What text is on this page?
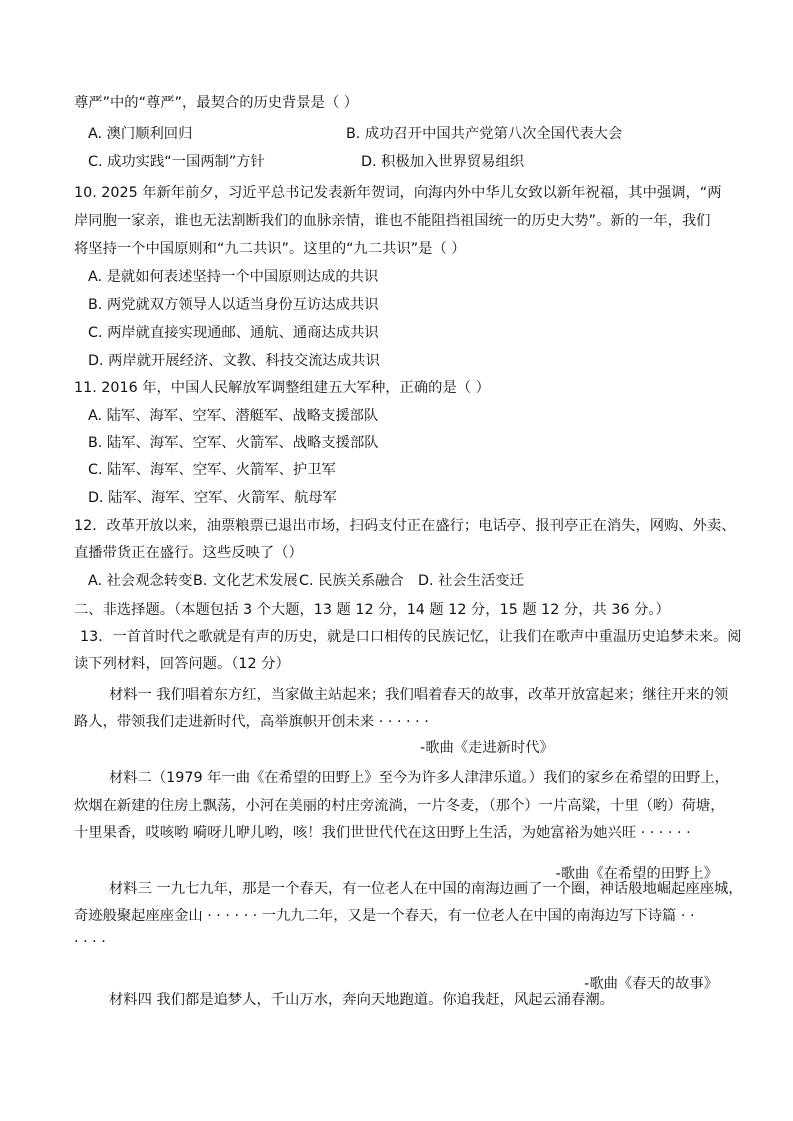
尊严”中的“尊严”，最契合的历史背景是（ ）

A. 澳门顺利回归	B. 成功召开中国共产党第八次全国代表大会
C. 成功实践“一国两制”方针	D. 积极加入世界贸易组织

10. 2025 年新年前夕，习近平总书记发表新年贺词，向海内外中华儿女致以新年祝福，其中强调，“两

岸同胞一家亲，谁也无法割断我们的血脉亲情，谁也不能阻挡祖国统一的历史大势”。新的一年，我们

将坚持一个中国原则和“九二共识”。这里的“九二共识”是（ ）

A. 是就如何表述坚持一个中国原则达成的共识
B. 两党就双方领导人以适当身份互访达成共识
C. 两岸就直接实现通邮、通航、通商达成共识
D. 两岸就开展经济、文教、科技交流达成共识

11. 2016 年，中国人民解放军调整组建五大军种，正确的是（ ）

A. 陆军、海军、空军、潜艇军、战略支援部队
B. 陆军、海军、空军、火箭军、战略支援部队
C. 陆军、海军、空军、火箭军、护卫军
D. 陆军、海军、空军、火箭军、航母军

12．改革开放以来，油票粮票已退出市场，扫码支付正在盛行；电话亭、报刊亭正在消失，网购、外卖、

直播带货正在盛行。这些反映了（）

A. 社会观念转变 B. 文化艺术发展 C. 民族关系融合 D. 社会生活变迁

二、非选择题。（本题包括 3 个大题，13 题 12 分，14 题 12 分，15 题 12 分，共 36 分。）

13．一首首时代之歌就是有声的历史，就是口口相传的民族记忆，让我们在歌声中重温历史追梦未来。阅

读下列材料，回答问题。（12 分）

材料一 我们唱着东方红，当家做主站起来；我们唱着春天的故事，改革开放富起来；继往开来的领

路人，带领我们走进新时代，高举旗帜开创未来 · · · · · ·

-歌曲《走进新时代》

材料二（1979 年一曲《在希望的田野上》至今为许多人津津乐道。）我们的家乡在希望的田野上，

炊烟在新建的住房上飘荡，小河在美丽的村庄旁流淌，一片冬麦，（那个）一片高粱，十里（哟）荷塘，

十里果香，哎咳哟 嗬呀儿咿儿哟，咳！我们世世代代在这田野上生活，为她富裕为她兴旺 · · · · · ·

-歌曲《在希望的田野上》

材料三 一九七九年，那是一个春天，有一位老人在中国的南海边画了一个圈，神话般地崛起座座城，

奇迹般聚起座座金山 · · · · · · 一九九二年，又是一个春天，有一位老人在中国的南海边写下诗篇 · ·

· · · ·

-歌曲《春天的故事》

材料四 我们都是追梦人，千山万水，奔向天地跑道。你追我赶，风起云涌春潮。
